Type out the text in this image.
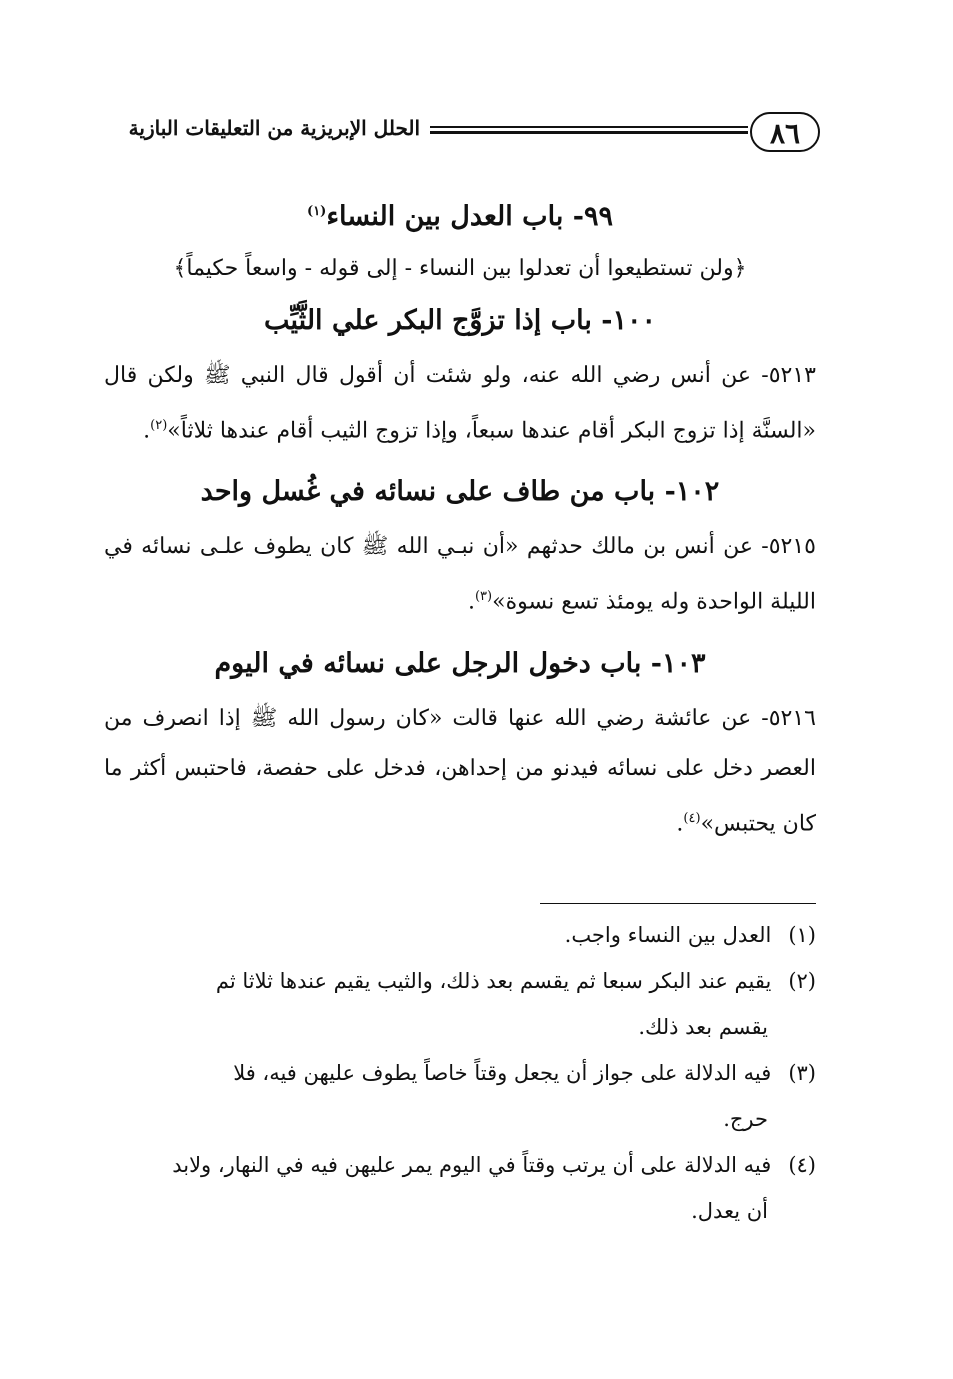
٨٦
الحلل الإبريزية من التعليقات البازية
٩٩- باب العدل بين النساء$^{(١)}$

﴿ولن تستطيعوا أن تعدلوا بين النساء - إلى قوله - واسعاً حكيماً﴾

١٠٠- باب إذا تزوَّج البكر علي الثَّيِّب

٥٢١٣- عن أنس رضي الله عنه، ولو شئت أن أقول قال النبي ﷺ ولكن قال «السنَّة إذا تزوج البكر أقام عندها سبعاً، وإذا تزوج الثيب أقام عندها ثلاثاً»$^{(٢)}$.

١٠٢- باب من طاف على نسائه في غُسل واحد

٥٢١٥- عن أنس بن مالك حدثهم «أن نبـي الله ﷺ كان يطوف علـى نسائه في الليلة الواحدة وله يومئذ تسع نسوة»$^{(٣)}$.

١٠٣- باب دخول الرجل على نسائه في اليوم

٥٢١٦- عن عائشة رضي الله عنها قالت «كان رسول الله ﷺ إذا انصرف من العصر دخل على نسائه فيدنو من إحداهن، فدخل على حفصة، فاحتبس أكثر ما كان يحتبس»$^{(٤)}$.

(١) العدل بين النساء واجب.

(٢) يقيم عند البكر سبعا ثم يقسم بعد ذلك، والثيب يقيم عندها ثلاثا ثم

يقسم بعد ذلك.

(٣) فيه الدلالة على جواز أن يجعل وقتاً خاصاً يطوف عليهن فيه، فلا

حرج.

(٤) فيه الدلالة على أن يرتب وقتاً في اليوم يمر عليهن فيه في النهار، ولابد

أن يعدل.
